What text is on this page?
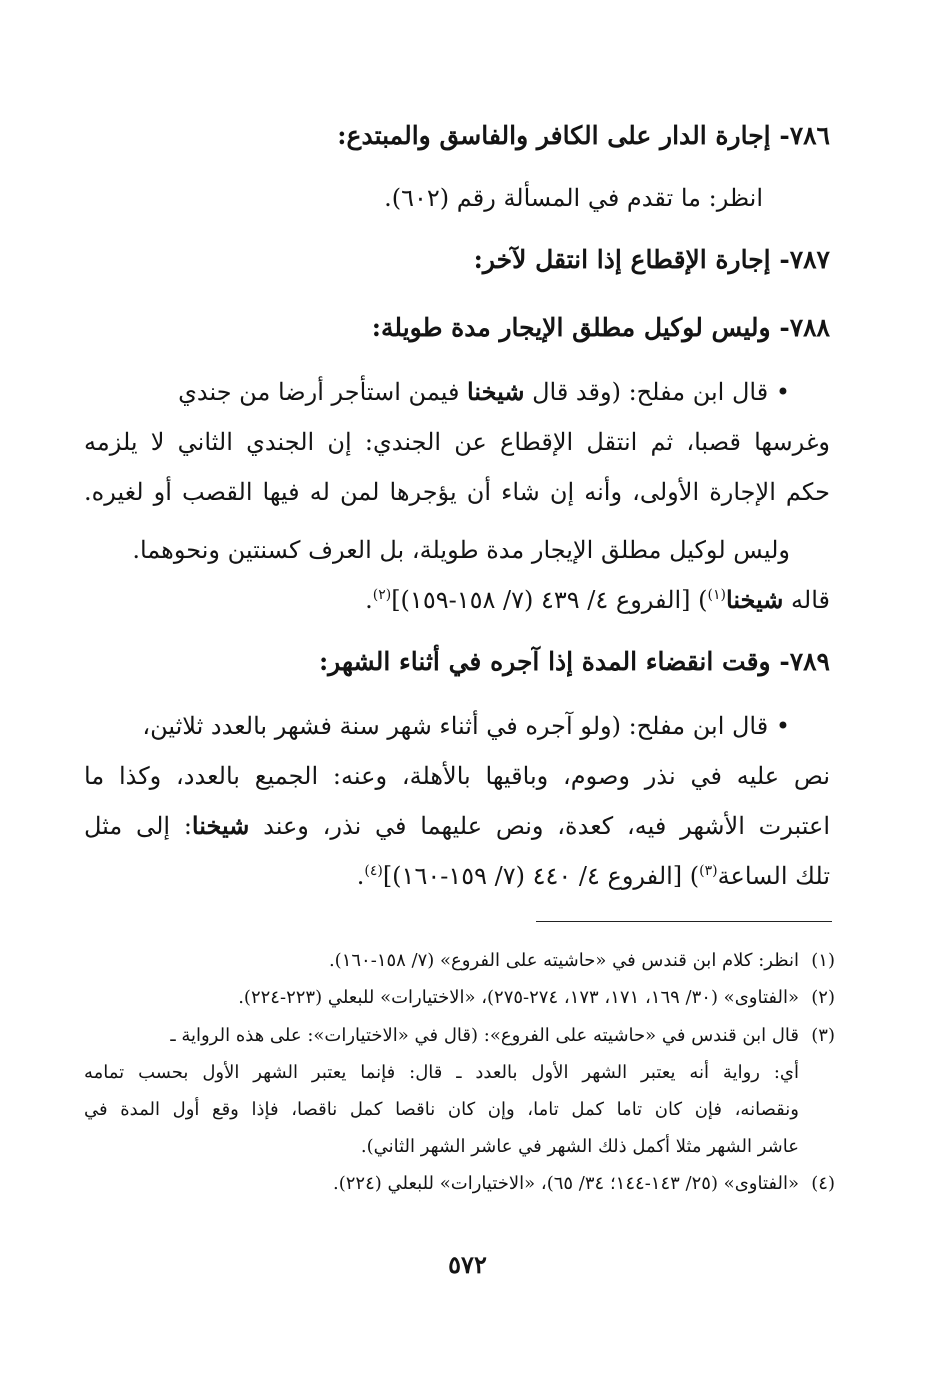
٧٨٦- إجارة الدار على الكافر والفاسق والمبتدع:
انظر: ما تقدم في المسألة رقم (٦٠٢).
٧٨٧- إجارة الإقطاع إذا انتقل لآخر:
٧٨٨- وليس لوكيل مطلق الإيجار مدة طويلة:
• قال ابن مفلح: (وقد قال شيخنا فيمن استأجر أرضا من جندي
وغرسها قصبا، ثم انتقل الإقطاع عن الجندي: إن الجندي الثاني لا يلزمه
حكم الإجارة الأولى، وأنه إن شاء أن يؤجرها لمن له فيها القصب أو لغيره.
وليس لوكيل مطلق الإيجار مدة طويلة، بل العرف كسنتين ونحوهما.
قاله شيخنا$^{(١)}$) [الفروع ٤/ ٤٣٩ (٧/ ١٥٨-١٥٩)]$^{(٢)}$.
٧٨٩- وقت انقضاء المدة إذا آجره في أثناء الشهر:
• قال ابن مفلح: (ولو آجره في أثناء شهر سنة فشهر بالعدد ثلاثين،
نص عليه في نذر وصوم، وباقيها بالأهلة، وعنه: الجميع بالعدد، وكذا ما
اعتبرت الأشهر فيه، كعدة، ونص عليهما في نذر، وعند شيخنا: إلى مثل
تلك الساعة$^{(٣)}$) [الفروع ٤/ ٤٤٠ (٧/ ١٥٩-١٦٠)]$^{(٤)}$.
(١)انظر: كلام ابن قندس في «حاشيته على الفروع» (٧/ ١٥٨-١٦٠).
(٢)«الفتاوى» (٣٠/ ١٦٩، ١٧١، ١٧٣، ٢٧٤-٢٧٥)، «الاختيارات» للبعلي (٢٢٣-٢٢٤).
(٣)قال ابن قندس في «حاشيته على الفروع»: (قال في «الاختيارات»: على هذه الرواية ـ
أي: رواية أنه يعتبر الشهر الأول بالعدد ـ قال: فإنما يعتبر الشهر الأول بحسب تمامه
ونقصانه، فإن كان تاما كمل تاما، وإن كان ناقصا كمل ناقصا، فإذا وقع أول المدة في
عاشر الشهر مثلا أكمل ذلك الشهر في عاشر الشهر الثاني).
(٤)«الفتاوى» (٢٥/ ١٤٣-١٤٤؛ ٣٤/ ٦٥)، «الاختيارات» للبعلي (٢٢٤).
٥٧٢
